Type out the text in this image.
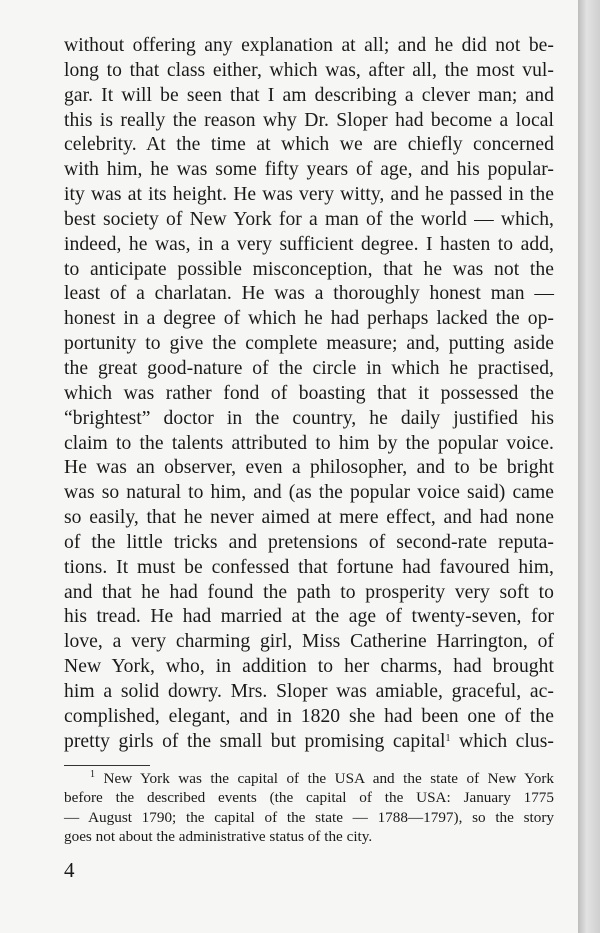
without offering any explanation at all; and he did not be-
long to that class either, which was, after all, the most vul-
gar. It will be seen that I am describing a clever man; and
this is really the reason why Dr. Sloper had become a local
celebrity. At the time at which we are chiefly concerned
with him, he was some fifty years of age, and his popular-
ity was at its height. He was very witty, and he passed in the
best society of New York for a man of the world — which,
indeed, he was, in a very sufficient degree. I hasten to add,
to anticipate possible misconception, that he was not the
least of a charlatan. He was a thoroughly honest man —
honest in a degree of which he had perhaps lacked the op-
portunity to give the complete measure; and, putting aside
the great good-nature of the circle in which he practised,
which was rather fond of boasting that it possessed the
“brightest” doctor in the country, he daily justified his
claim to the talents attributed to him by the popular voice.
He was an observer, even a philosopher, and to be bright
was so natural to him, and (as the popular voice said) came
so easily, that he never aimed at mere effect, and had none
of the little tricks and pretensions of second-rate reputa-
tions. It must be confessed that fortune had favoured him,
and that he had found the path to prosperity very soft to
his tread. He had married at the age of twenty-seven, for
love, a very charming girl, Miss Catherine Harrington, of
New York, who, in addition to her charms, had brought
him a solid dowry. Mrs. Sloper was amiable, graceful, ac-
complished, elegant, and in 1820 she had been one of the
pretty girls of the small but promising capital$^1$ which clus-
$^1$ New York was the capital of the USA and the state of New York
before the described events (the capital of the USA: January 1775
— August 1790; the capital of the state — 1788—1797), so the story
goes not about the administrative status of the city.
4
